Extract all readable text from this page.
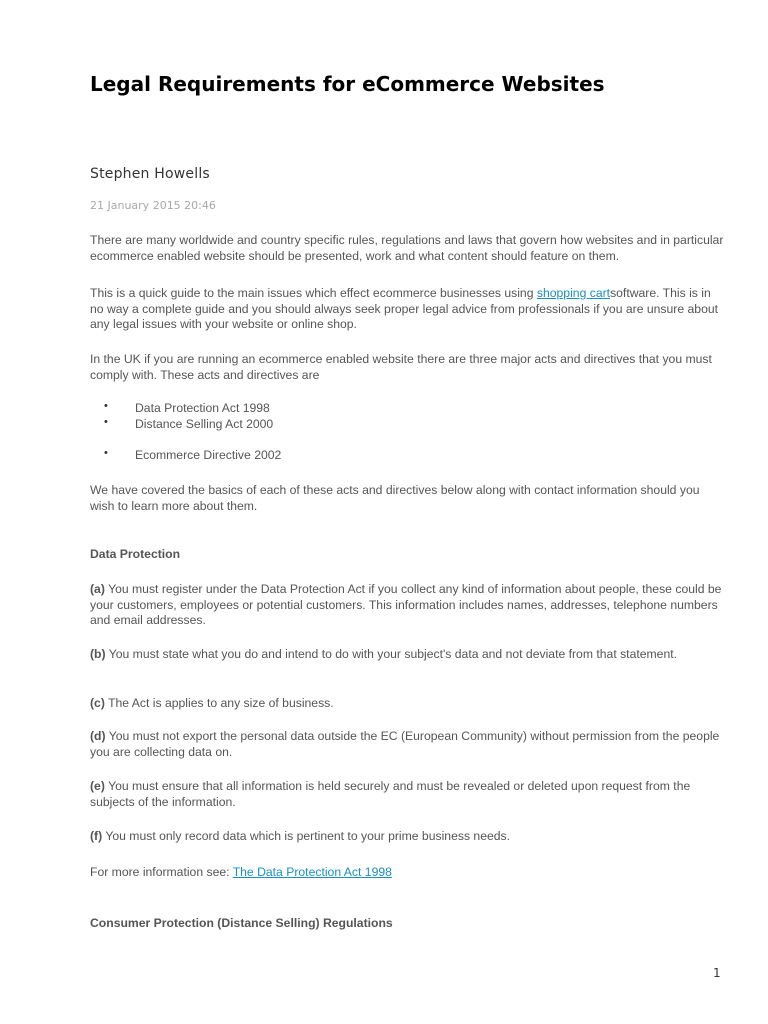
Legal Requirements for eCommerce Websites

Stephen Howells

21 January 2015 20:46

There are many worldwide and country specific rules, regulations and laws that govern how websites and in particular ecommerce enabled website should be presented, work and what content should feature on them.

This is a quick guide to the main issues which effect ecommerce businesses using shopping cartsoftware. This is in no way a complete guide and you should always seek proper legal advice from professionals if you are unsure about any legal issues with your website or online shop.

In the UK if you are running an ecommerce enabled website there are three major acts and directives that you must comply with. These acts and directives are

• Data Protection Act 1998
• Distance Selling Act 2000
• Ecommerce Directive 2002

We have covered the basics of each of these acts and directives below along with contact information should you wish to learn more about them.

Data Protection

(a) You must register under the Data Protection Act if you collect any kind of information about people, these could be your customers, employees or potential customers. This information includes names, addresses, telephone numbers and email addresses.

(b) You must state what you do and intend to do with your subject's data and not deviate from that statement.

(c) The Act is applies to any size of business.

(d) You must not export the personal data outside the EC (European Community) without permission from the people you are collecting data on.

(e) You must ensure that all information is held securely and must be revealed or deleted upon request from the subjects of the information.

(f) You must only record data which is pertinent to your prime business needs.

For more information see: The Data Protection Act 1998

Consumer Protection (Distance Selling) Regulations
1
